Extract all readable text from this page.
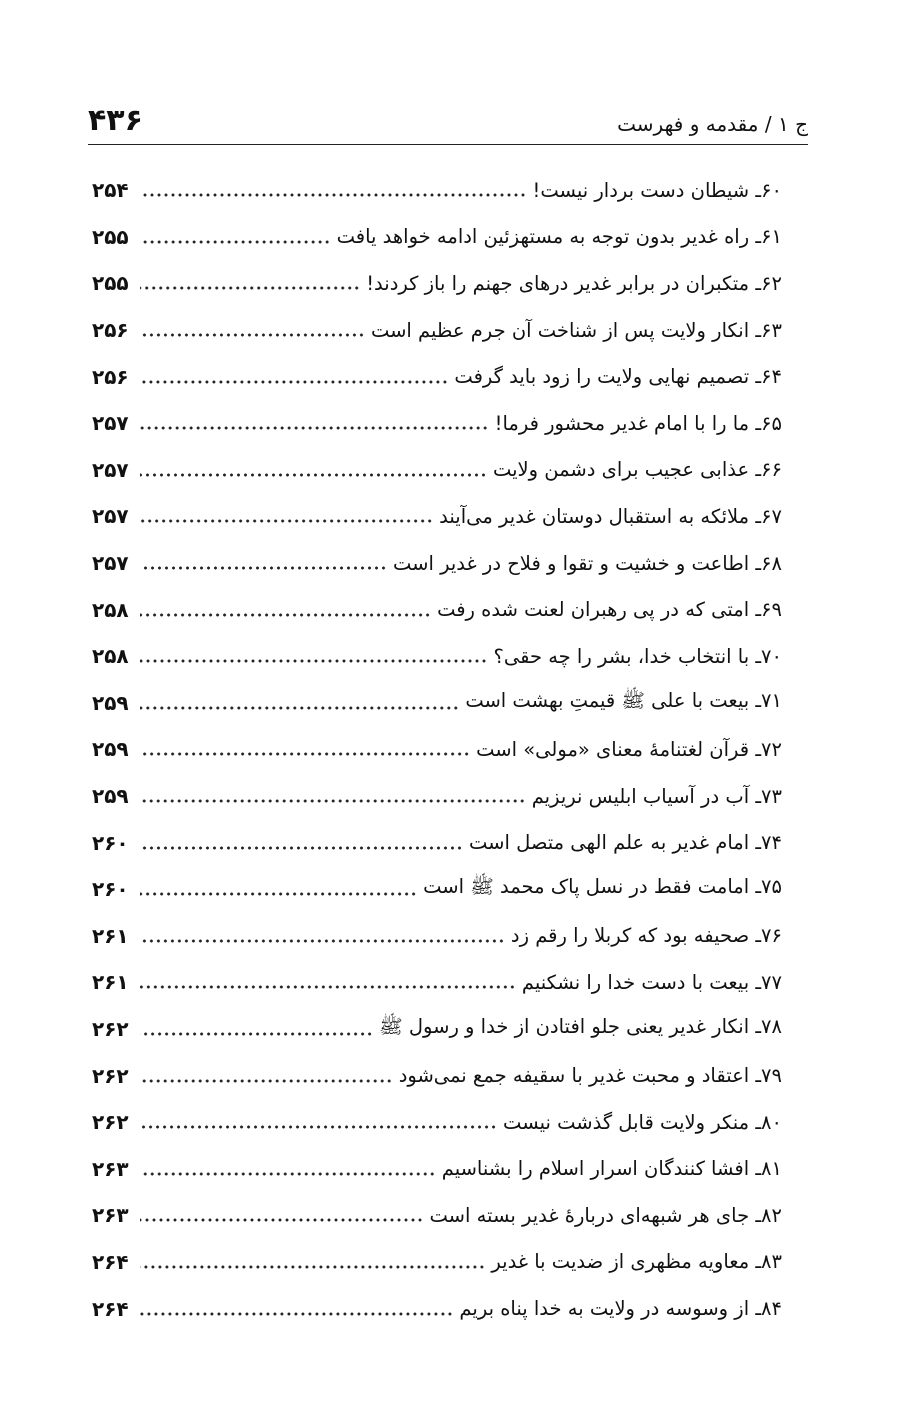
۴۳۶	ج ۱ / مقدمه و فهرست
۶۰ـ شیطان دست بردار نیست!
۲۵۴
۶۱ـ راه غدیر بدون توجه به مستهزئین ادامه خواهد یافت
۲۵۵
۶۲ـ متکبران در برابر غدیر درهای جهنم را باز کردند!
۲۵۵
۶۳ـ انکار ولایت پس از شناخت آن جرم عظیم است
۲۵۶
۶۴ـ تصمیم نهایی ولایت را زود باید گرفت
۲۵۶
۶۵ـ ما را با امام غدیر محشور فرما!
۲۵۷
۶۶ـ عذابی عجیب برای دشمن ولایت
۲۵۷
۶۷ـ ملائکه به استقبال دوستان غدیر می‌آیند
۲۵۷
۶۸ـ اطاعت و خشیت و تقوا و فلاح در غدیر است
۲۵۷
۶۹ـ امتی که در پی رهبران لعنت شده رفت
۲۵۸
۷۰ـ با انتخاب خدا، بشر را چه حقی؟
۲۵۸
۷۱ـ بیعت با علی ﷺ قیمتِ بهشت است
۲۵۹
۷۲ـ قرآن لغتنامهٔ معنای «مولی» است
۲۵۹
۷۳ـ آب در آسیاب ابلیس نریزیم
۲۵۹
۷۴ـ امام غدیر به علم الهی متصل است
۲۶۰
۷۵ـ امامت فقط در نسل پاک محمد ﷺ است
۲۶۰
۷۶ـ صحیفه بود که کربلا را رقم زد
۲۶۱
۷۷ـ بیعت با دست خدا را نشکنیم
۲۶۱
۷۸ـ انکار غدیر یعنی جلو افتادن از خدا و رسول ﷺ
۲۶۲
۷۹ـ اعتقاد و محبت غدیر با سقیفه جمع نمی‌شود
۲۶۲
۸۰ـ منکر ولایت قابل گذشت نیست
۲۶۲
۸۱ـ افشا کنندگان اسرار اسلام را بشناسیم
۲۶۳
۸۲ـ جای هر شبهه‌ای دربارهٔ غدیر بسته است
۲۶۳
۸۳ـ معاویه مظهری از ضدیت با غدیر
۲۶۴
۸۴ـ از وسوسه در ولایت به خدا پناه بریم
۲۶۴
